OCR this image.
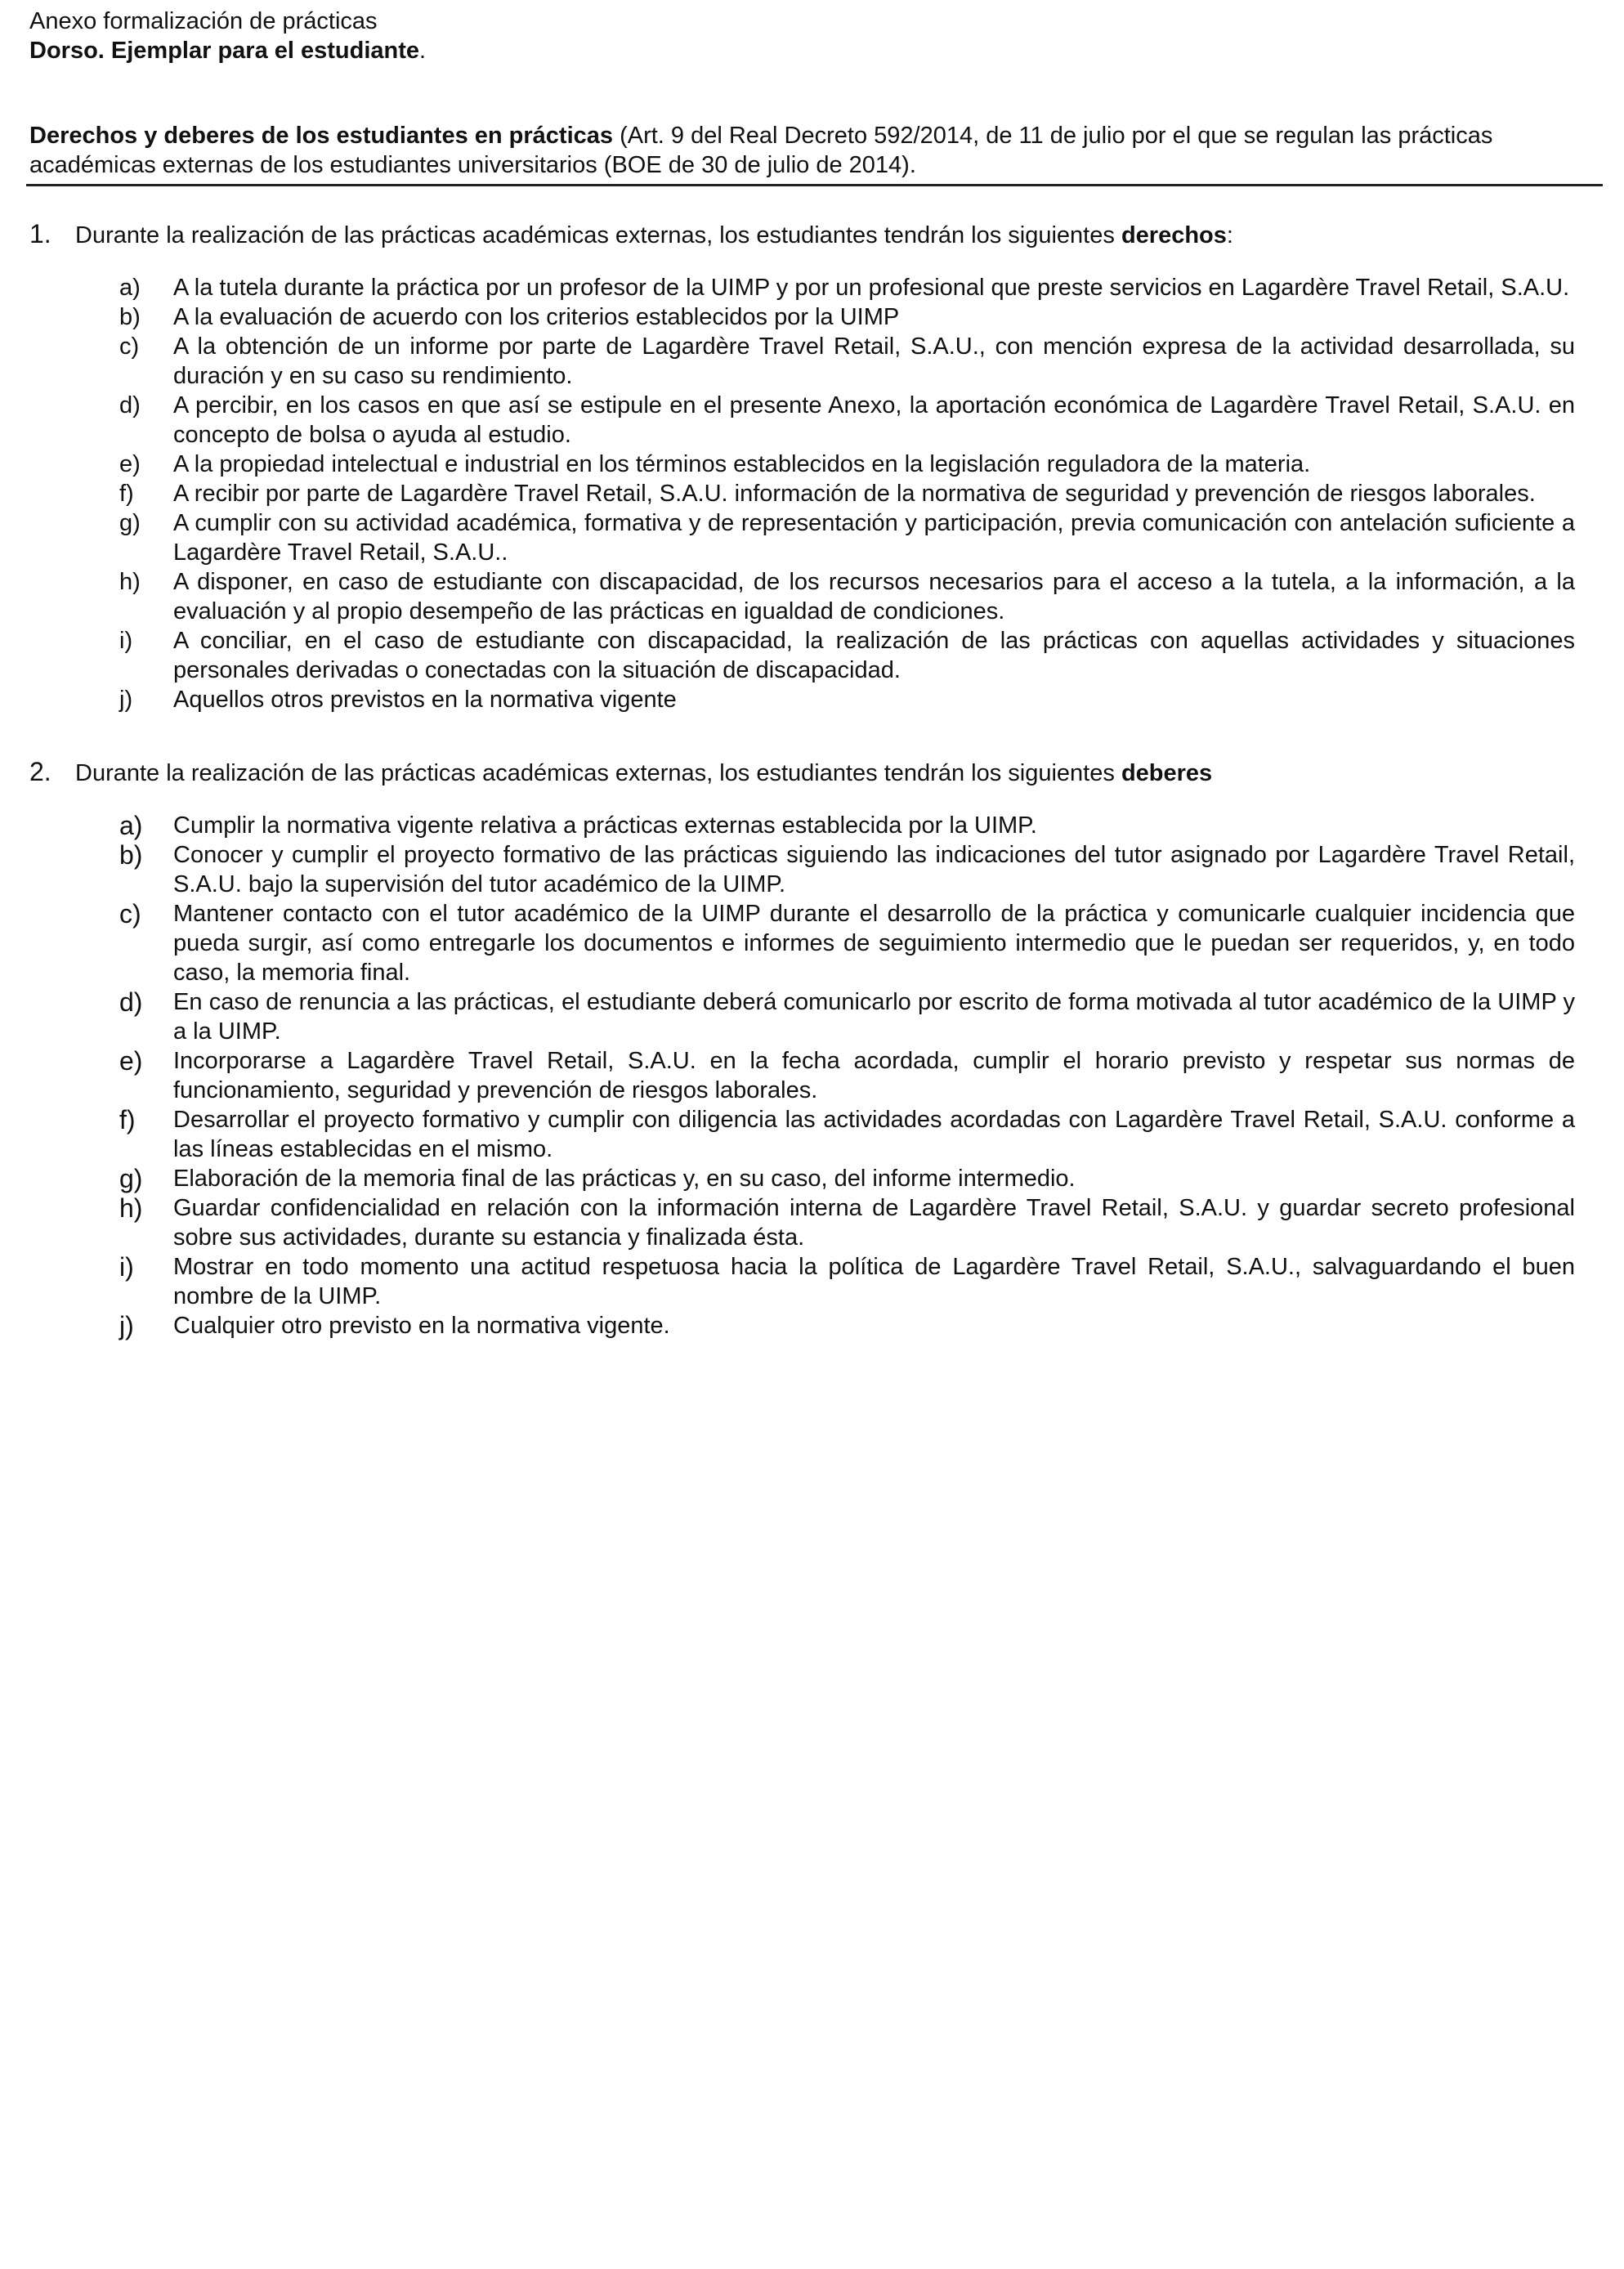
Anexo formalización de prácticas
Dorso. Ejemplar para el estudiante.
Derechos y deberes de los estudiantes en prácticas (Art. 9 del Real Decreto 592/2014, de 11 de julio por el que se regulan las prácticas académicas externas de los estudiantes universitarios (BOE de 30 de julio de 2014).
1.	Durante la realización de las prácticas académicas externas, los estudiantes tendrán los siguientes derechos:
a)	A la tutela durante la práctica por un profesor de la UIMP y por un profesional que preste servicios en Lagardère Travel Retail, S.A.U.
b)	A la evaluación de acuerdo con los criterios establecidos por la UIMP
c)	A la obtención de un informe por parte de Lagardère Travel Retail, S.A.U., con mención expresa de la actividad desarrollada, su duración y en su caso su rendimiento.
d)	A percibir, en los casos en que así se estipule en el presente Anexo, la aportación económica de Lagardère Travel Retail, S.A.U. en concepto de bolsa o ayuda al estudio.
e)	A la propiedad intelectual e industrial en los términos establecidos en la legislación reguladora de la materia.
f)	A recibir por parte de Lagardère Travel Retail, S.A.U. información de la normativa de seguridad y prevención de riesgos laborales.
g)	A cumplir con su actividad académica, formativa y de representación y participación, previa comunicación con antelación suficiente a Lagardère Travel Retail, S.A.U..
h)	A disponer, en caso de estudiante con discapacidad, de los recursos necesarios para el acceso a la tutela, a la información, a la evaluación y al propio desempeño de las prácticas en igualdad de condiciones.
i)	A conciliar, en el caso de estudiante con discapacidad, la realización de las prácticas con aquellas actividades y situaciones personales derivadas o conectadas con la situación de discapacidad.
j)	Aquellos otros previstos en la normativa vigente
2.	Durante la realización de las prácticas académicas externas, los estudiantes tendrán los siguientes deberes
a)	Cumplir la normativa vigente relativa a prácticas externas establecida por la UIMP.
b)	Conocer y cumplir el proyecto formativo de las prácticas siguiendo las indicaciones del tutor asignado por Lagardère Travel Retail, S.A.U. bajo la supervisión del tutor académico de la UIMP.
c)	Mantener contacto con el tutor académico de la UIMP durante el desarrollo de la práctica y comunicarle cualquier incidencia que pueda surgir, así como entregarle los documentos e informes de seguimiento intermedio que le puedan ser requeridos, y, en todo caso, la memoria final.
d)	En caso de renuncia a las prácticas, el estudiante deberá comunicarlo por escrito de forma motivada al tutor académico de la UIMP y a la UIMP.
e)	Incorporarse a Lagardère Travel Retail, S.A.U. en la fecha acordada, cumplir el horario previsto y respetar sus normas de funcionamiento, seguridad y prevención de riesgos laborales.
f)	Desarrollar el proyecto formativo y cumplir con diligencia las actividades acordadas con Lagardère Travel Retail, S.A.U. conforme a las líneas establecidas en el mismo.
g)	Elaboración de la memoria final de las prácticas y, en su caso, del informe intermedio.
h)	Guardar confidencialidad en relación con la información interna de Lagardère Travel Retail, S.A.U. y guardar secreto profesional sobre sus actividades, durante su estancia y finalizada ésta.
i)	Mostrar en todo momento una actitud respetuosa hacia la política de Lagardère Travel Retail, S.A.U., salvaguardando el buen nombre de la UIMP.
j)	Cualquier otro previsto en la normativa vigente.
